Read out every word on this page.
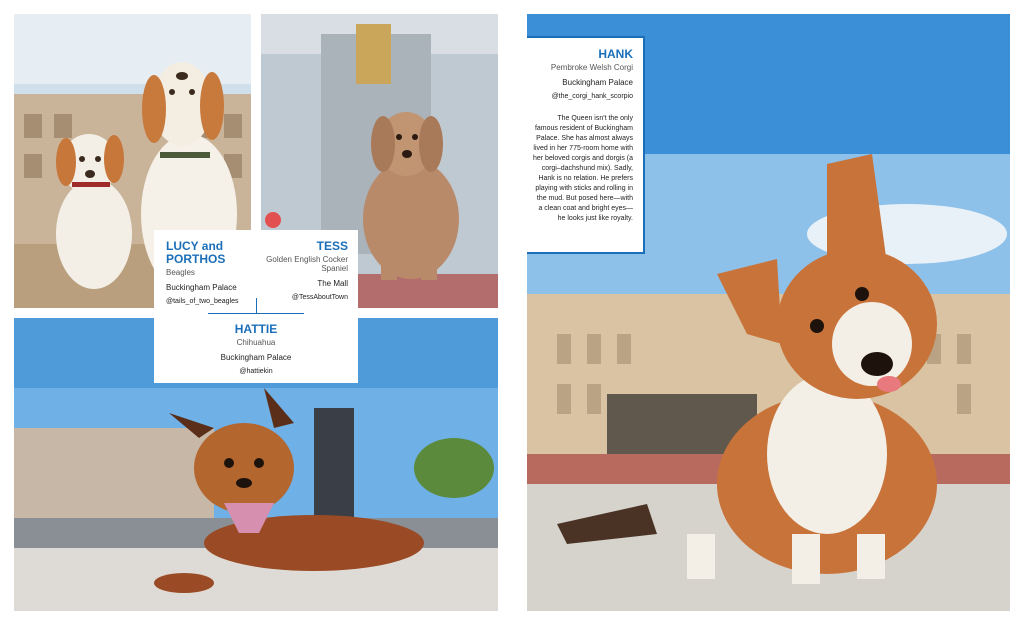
LUCY and PORTHOS
Beagles
Buckingham Palace
@tails_of_two_beagles
TESS
Golden English Cocker Spaniel
The Mall
@TessAboutTown
HATTIE
Chihuahua
Buckingham Palace
@hattiekin
HANK
Pembroke Welsh Corgi
Buckingham Palace
@the_corgi_hank_scorpio
The Queen isn't the only famous resident of Buckingham Palace. She has almost always lived in her 775-room home with her beloved corgis and dorgis (a corgi–dachshund mix). Sadly, Hank is no relation. He prefers playing with sticks and rolling in the mud. But posed here—with a clean coat and bright eyes— he looks just like royalty.
